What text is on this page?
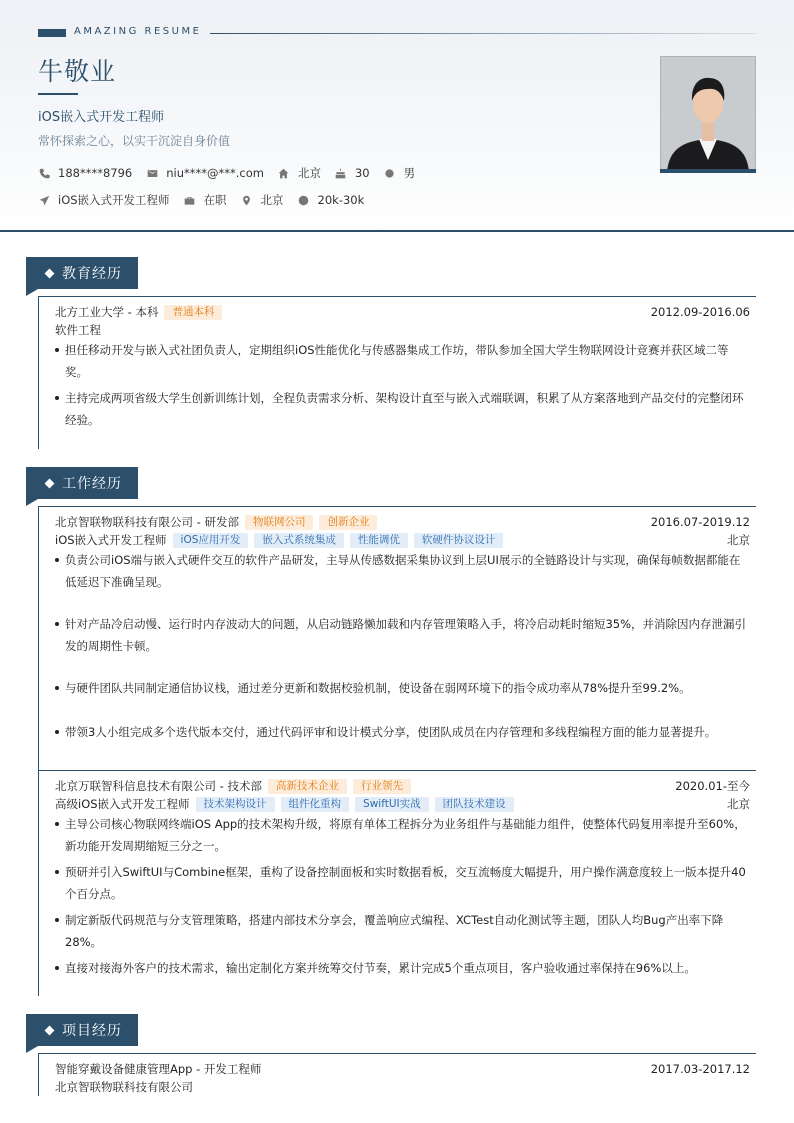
AMAZING RESUME
牛敬业
iOS嵌入式开发工程师
常怀探索之心，以实干沉淀自身价值
188****8796	niu****@***.com	北京	30	男
iOS嵌入式开发工程师	在职	北京	20k-30k
教育经历
北方工业大学 - 本科	普通本科	2012.09-2016.06
软件工程
担任移动开发与嵌入式社团负责人，定期组织iOS性能优化与传感器集成工作坊，带队参加全国大学生物联网设计竞赛并获区域二等奖。
主持完成两项省级大学生创新训练计划，全程负责需求分析、架构设计直至与嵌入式端联调，积累了从方案落地到产品交付的完整闭环经验。
工作经历
北京智联物联科技有限公司 - 研发部	物联网公司	创新企业	2016.07-2019.12
iOS嵌入式开发工程师	iOS应用开发	嵌入式系统集成	性能调优	软硬件协议设计	北京
负责公司iOS端与嵌入式硬件交互的软件产品研发，主导从传感数据采集协议到上层UI展示的全链路设计与实现，确保每帧数据都能在低延迟下准确呈现。
针对产品冷启动慢、运行时内存波动大的问题，从启动链路懒加载和内存管理策略入手，将冷启动耗时缩短35%，并消除因内存泄漏引发的周期性卡顿。
与硬件团队共同制定通信协议栈，通过差分更新和数据校验机制，使设备在弱网环境下的指令成功率从78%提升至99.2%。
带领3人小组完成多个迭代版本交付，通过代码评审和设计模式分享，使团队成员在内存管理和多线程编程方面的能力显著提升。
北京万联智科信息技术有限公司 - 技术部	高新技术企业	行业领先	2020.01-至今
高级iOS嵌入式开发工程师	技术架构设计	组件化重构	SwiftUI实战	团队技术建设	北京
主导公司核心物联网终端iOS App的技术架构升级，将原有单体工程拆分为业务组件与基础能力组件，使整体代码复用率提升至60%，新功能开发周期缩短三分之一。
预研并引入SwiftUI与Combine框架，重构了设备控制面板和实时数据看板，交互流畅度大幅提升，用户操作满意度较上一版本提升40个百分点。
制定新版代码规范与分支管理策略，搭建内部技术分享会，覆盖响应式编程、XCTest自动化测试等主题，团队人均Bug产出率下降28%。
直接对接海外客户的技术需求，输出定制化方案并统筹交付节奏，累计完成5个重点项目，客户验收通过率保持在96%以上。
项目经历
智能穿戴设备健康管理App - 开发工程师	2017.03-2017.12
北京智联物联科技有限公司
